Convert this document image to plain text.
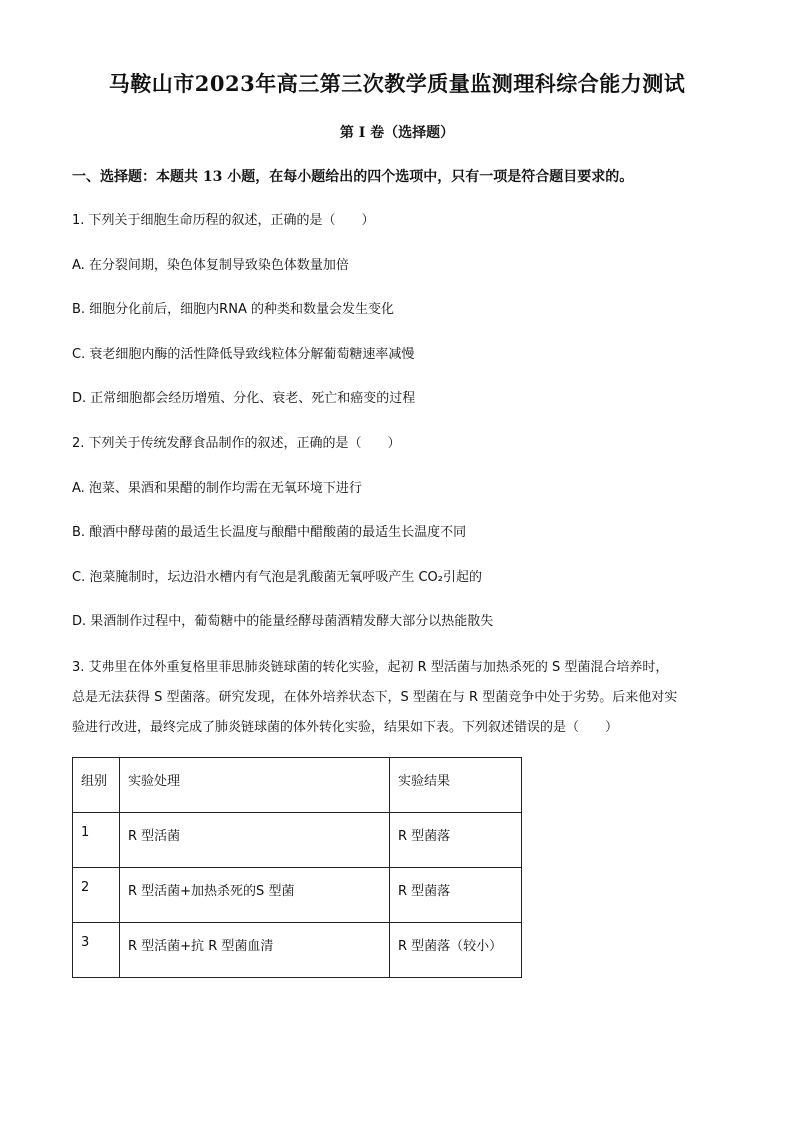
马鞍山市2023年高三第三次教学质量监测理科综合能力测试
第 I 卷（选择题）
一、选择题：本题共 13 小题，在每小题给出的四个选项中，只有一项是符合题目要求的。
1. 下列关于细胞生命历程的叙述，正确的是（　　）
A. 在分裂间期，染色体复制导致染色体数量加倍
B. 细胞分化前后，细胞内RNA 的种类和数量会发生变化
C. 衰老细胞内酶的活性降低导致线粒体分解葡萄糖速率减慢
D. 正常细胞都会经历增殖、分化、衰老、死亡和癌变的过程
2. 下列关于传统发酵食品制作的叙述，正确的是（　　）
A. 泡菜、果酒和果醋的制作均需在无氧环境下进行
B. 酿酒中酵母菌的最适生长温度与酿醋中醋酸菌的最适生长温度不同
C. 泡菜腌制时，坛边沿水槽内有气泡是乳酸菌无氧呼吸产生 CO₂引起的
D. 果酒制作过程中，葡萄糖中的能量经酵母菌酒精发酵大部分以热能散失
3. 艾弗里在体外重复格里菲思肺炎链球菌的转化实验，起初 R 型活菌与加热杀死的 S 型菌混合培养时，
总是无法获得 S 型菌落。研究发现，在体外培养状态下，S 型菌在与 R 型菌竞争中处于劣势。后来他对实
验进行改进，最终完成了肺炎链球菌的体外转化实验，结果如下表。下列叙述错误的是（　　）
组别	实验处理	实验结果
1	R 型活菌	R 型菌落
2	R 型活菌+加热杀死的S 型菌	R 型菌落
3	R 型活菌+抗 R 型菌血清	R 型菌落（较小）
